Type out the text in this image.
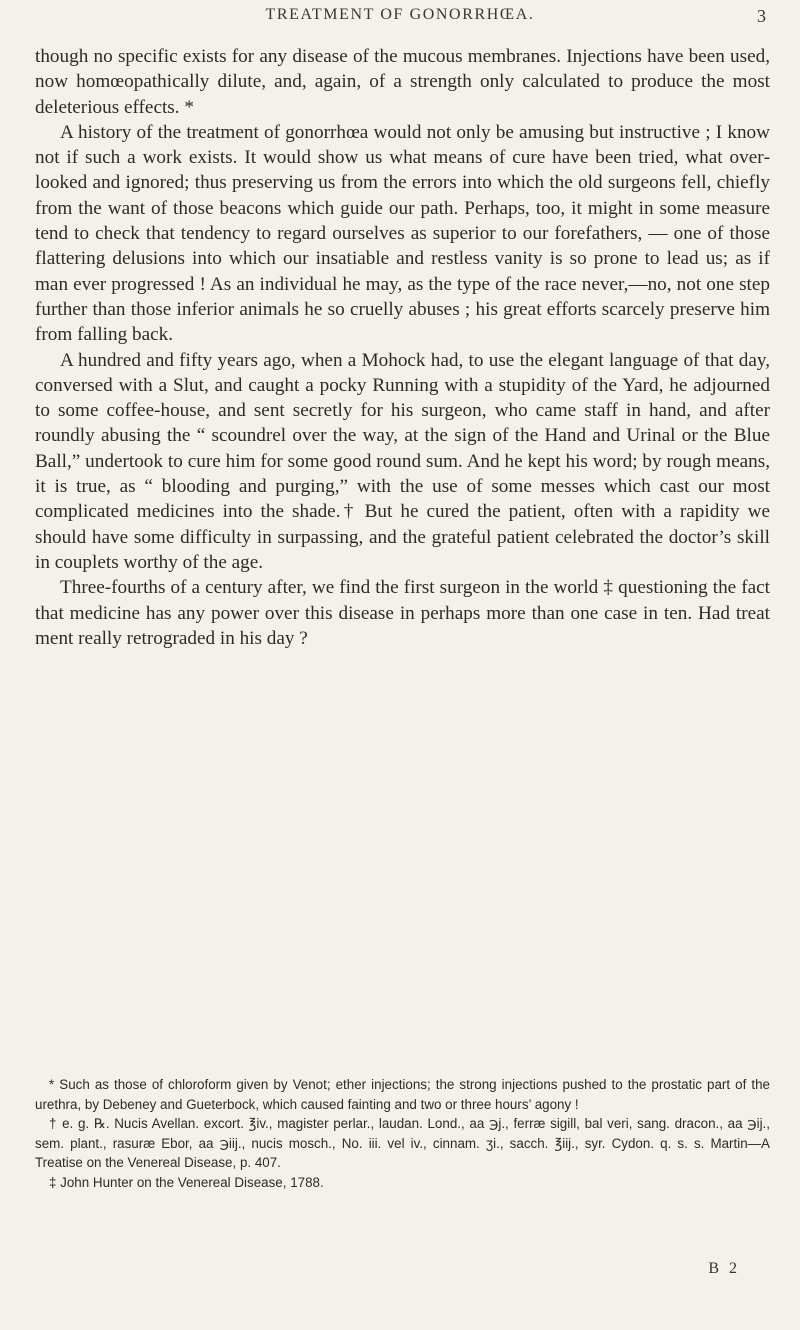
TREATMENT OF GONORRHŒA.	3

though no specific exists for any disease of the mucous membranes. Injections have been used, now homœopathically dilute, and, again, of a strength only calculated to produce the most deleterious effects. *

A history of the treatment of gonorrhœa would not only be amusing but instructive ; I know not if such a work exists. It would show us what means of cure have been tried, what overlooked and ignored; thus preserving us from the errors into which the old surgeons fell, chiefly from the want of those beacons which guide our path. Perhaps, too, it might in some measure tend to check that tendency to regard ourselves as superior to our forefathers, — one of those flattering delusions into which our insatiable and restless vanity is so prone to lead us; as if man ever progressed ! As an individual he may, as the type of the race never,—no, not one step further than those inferior animals he so cruelly abuses ; his great efforts scarcely preserve him from falling back.

A hundred and fifty years ago, when a Mohock had, to use the elegant language of that day, conversed with a Slut, and caught a pocky Running with a stupidity of the Yard, he adjourned to some coffee-house, and sent secretly for his surgeon, who came staff in hand, and after roundly abusing the “ scoundrel over the way, at the sign of the Hand and Urinal or the Blue Ball,” undertook to cure him for some good round sum. And he kept his word; by rough means, it is true, as “ blooding and purging,” with the use of some messes which cast our most complicated medicines into the shade.† But he cured the patient, often with a rapidity we should have some difficulty in surpassing, and the grateful patient celebrated the doctor’s skill in couplets worthy of the age.

Three-fourths of a century after, we find the first surgeon in the world ‡ questioning the fact that medicine has any power over this disease in perhaps more than one case in ten. Had treat ment really retrograded in his day ?

* Such as those of chloroform given by Venot; ether injections; the strong injections pushed to the prostatic part of the urethra, by Debeney and Gueterbock, which caused fainting and two or three hours’ agony !

† e. g. ℞. Nucis Avellan. excort. ℥iv., magister perlar., laudan. Lond., aa ℈j., ferræ sigill, bal veri, sang. dracon., aa ℈ij., sem. plant., rasuræ Ebor, aa ℈iij., nucis mosch., No. iii. vel iv., cinnam. ʒi., sacch. ℥iij., syr. Cydon. q. s. s. Martin—A Treatise on the Venereal Disease, p. 407.

‡ John Hunter on the Venereal Disease, 1788.

B 2
